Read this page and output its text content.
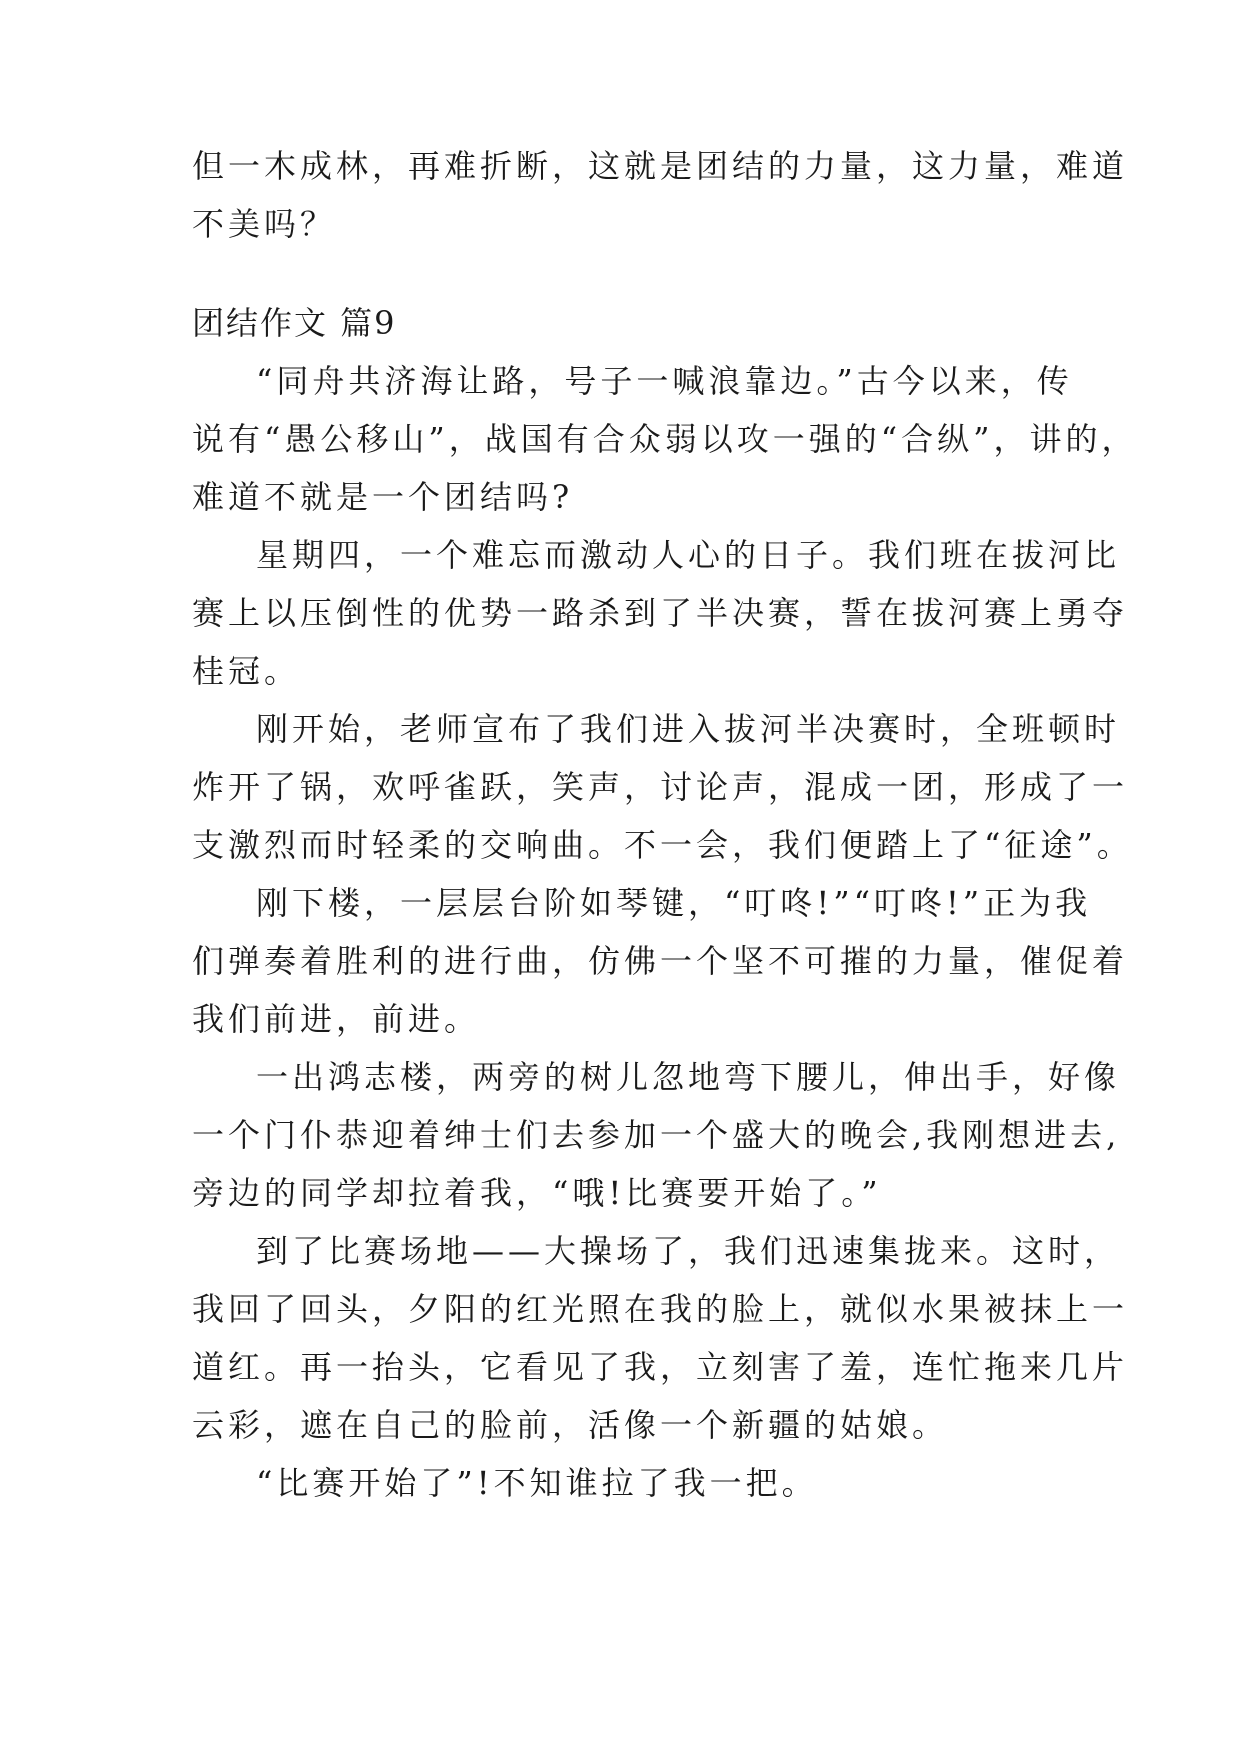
但一木成林，再难折断，这就是团结的力量，这力量，难道
不美吗？
团结作文 篇9
“同舟共济海让路，号子一喊浪靠边。”古今以来，传
说有“愚公移山”，战国有合众弱以攻一强的“合纵”，讲的，
难道不就是一个团结吗?
星期四，一个难忘而激动人心的日子。我们班在拔河比
赛上以压倒性的优势一路杀到了半决赛，誓在拔河赛上勇夺
桂冠。
刚开始，老师宣布了我们进入拔河半决赛时，全班顿时
炸开了锅，欢呼雀跃，笑声，讨论声，混成一团，形成了一
支激烈而时轻柔的交响曲。不一会，我们便踏上了“征途”。
刚下楼，一层层台阶如琴键，“叮咚!”“叮咚!”正为我
们弹奏着胜利的进行曲，仿佛一个坚不可摧的力量，催促着
我们前进，前进。
一出鸿志楼，两旁的树儿忽地弯下腰儿，伸出手，好像
一个门仆恭迎着绅士们去参加一个盛大的晚会,我刚想进去,
旁边的同学却拉着我，“哦!比赛要开始了。”
到了比赛场地——大操场了，我们迅速集拢来。这时，
我回了回头，夕阳的红光照在我的脸上，就似水果被抹上一
道红。再一抬头，它看见了我，立刻害了羞，连忙拖来几片
云彩，遮在自己的脸前，活像一个新疆的姑娘。
“比赛开始了”!不知谁拉了我一把。
